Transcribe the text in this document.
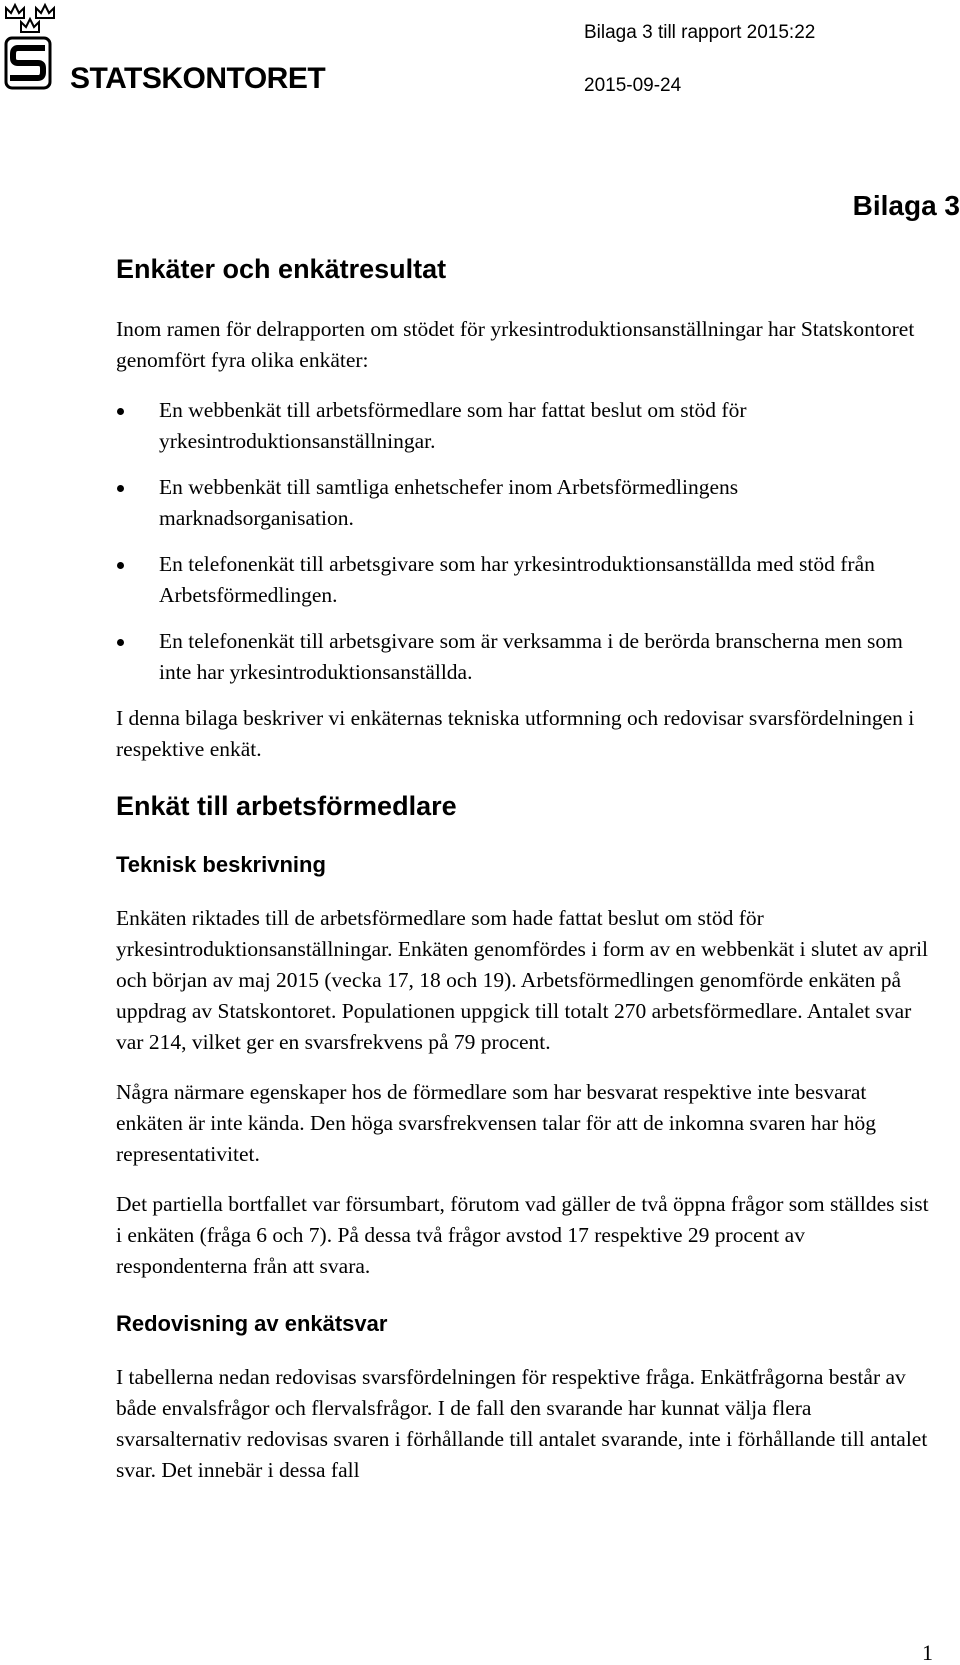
STATSKONTORET
Bilaga 3 till rapport 2015:22
2015-09-24
Bilaga 3
Enkäter och enkätresultat

Inom ramen för delrapporten om stödet för yrkesintroduktionsanställningar har Statskontoret genomfört fyra olika enkäter:

En webbenkät till arbetsförmedlare som har fattat beslut om stöd för yrkesintroduktionsanställningar.
En webbenkät till samtliga enhetschefer inom Arbetsförmedlingens marknadsorganisation.
En telefonenkät till arbetsgivare som har yrkesintroduktionsanställda med stöd från Arbetsförmedlingen.
En telefonenkät till arbetsgivare som är verksamma i de berörda branscherna men som inte har yrkesintroduktionsanställda.

I denna bilaga beskriver vi enkäternas tekniska utformning och redovisar svarsfördelningen i respektive enkät.

Enkät till arbetsförmedlare
Teknisk beskrivning

Enkäten riktades till de arbetsförmedlare som hade fattat beslut om stöd för yrkesintroduktionsanställningar. Enkäten genomfördes i form av en webbenkät i slutet av april och början av maj 2015 (vecka 17, 18 och 19). Arbetsförmedlingen genomförde enkäten på uppdrag av Statskontoret. Populationen uppgick till totalt 270 arbetsförmedlare. Antalet svar var 214, vilket ger en svarsfrekvens på 79 procent.

Några närmare egenskaper hos de förmedlare som har besvarat respektive inte besvarat enkäten är inte kända. Den höga svarsfrekvensen talar för att de inkomna svaren har hög representativitet.

Det partiella bortfallet var försumbart, förutom vad gäller de två öppna frågor som ställdes sist i enkäten (fråga 6 och 7). På dessa två frågor avstod 17 respektive 29 procent av respondenterna från att svara.

Redovisning av enkätsvar

I tabellerna nedan redovisas svarsfördelningen för respektive fråga. Enkätfrågorna består av både envalsfrågor och flervalsfrågor. I de fall den svarande har kunnat välja flera svarsalternativ redovisas svaren i förhållande till antalet svarande, inte i förhållande till antalet svar. Det innebär i dessa fall

1
